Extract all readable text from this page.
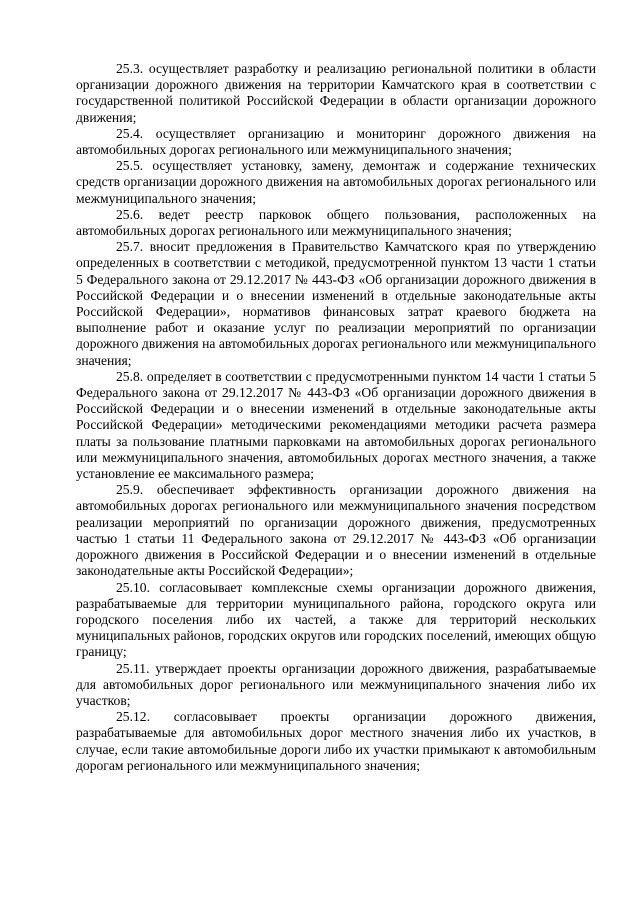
25.3. осуществляет разработку и реализацию региональной политики в области организации дорожного движения на территории Камчатского края в соответствии с государственной политикой Российской Федерации в области организации дорожного движения;

25.4. осуществляет организацию и мониторинг дорожного движения на автомобильных дорогах регионального или межмуниципального значения;

25.5. осуществляет установку, замену, демонтаж и содержание технических средств организации дорожного движения на автомобильных дорогах регионального или межмуниципального значения;

25.6. ведет реестр парковок общего пользования, расположенных на автомобильных дорогах регионального или межмуниципального значения;

25.7. вносит предложения в Правительство Камчатского края по утверждению определенных в соответствии с методикой, предусмотренной пунктом 13 части 1 статьи 5 Федерального закона от 29.12.2017 № 443-ФЗ «Об организации дорожного движения в Российской Федерации и о внесении изменений в отдельные законодательные акты Российской Федерации», нормативов финансовых затрат краевого бюджета на выполнение работ и оказание услуг по реализации мероприятий по организации дорожного движения на автомобильных дорогах регионального или межмуниципального значения;

25.8. определяет в соответствии с предусмотренными пунктом 14 части 1 статьи 5 Федерального закона от 29.12.2017 № 443-ФЗ «Об организации дорожного движения в Российской Федерации и о внесении изменений в отдельные законодательные акты Российской Федерации» методическими рекомендациями методики расчета размера платы за пользование платными парковками на автомобильных дорогах регионального или межмуниципального значения, автомобильных дорогах местного значения, а также установление ее максимального размера;

25.9. обеспечивает эффективность организации дорожного движения на автомобильных дорогах регионального или межмуниципального значения посредством реализации мероприятий по организации дорожного движения, предусмотренных частью 1 статьи 11 Федерального закона от 29.12.2017 № 443-ФЗ «Об организации дорожного движения в Российской Федерации и о внесении изменений в отдельные законодательные акты Российской Федерации»;

25.10. согласовывает комплексные схемы организации дорожного движения, разрабатываемые для территории муниципального района, городского округа или городского поселения либо их частей, а также для территорий нескольких муниципальных районов, городских округов или городских поселений, имеющих общую границу;

25.11. утверждает проекты организации дорожного движения, разрабатываемые для автомобильных дорог регионального или межмуниципального значения либо их участков;

25.12. согласовывает проекты организации дорожного движения, разрабатываемые для автомобильных дорог местного значения либо их участков, в случае, если такие автомобильные дороги либо их участки примыкают к автомобильным дорогам регионального или межмуниципального значения;
